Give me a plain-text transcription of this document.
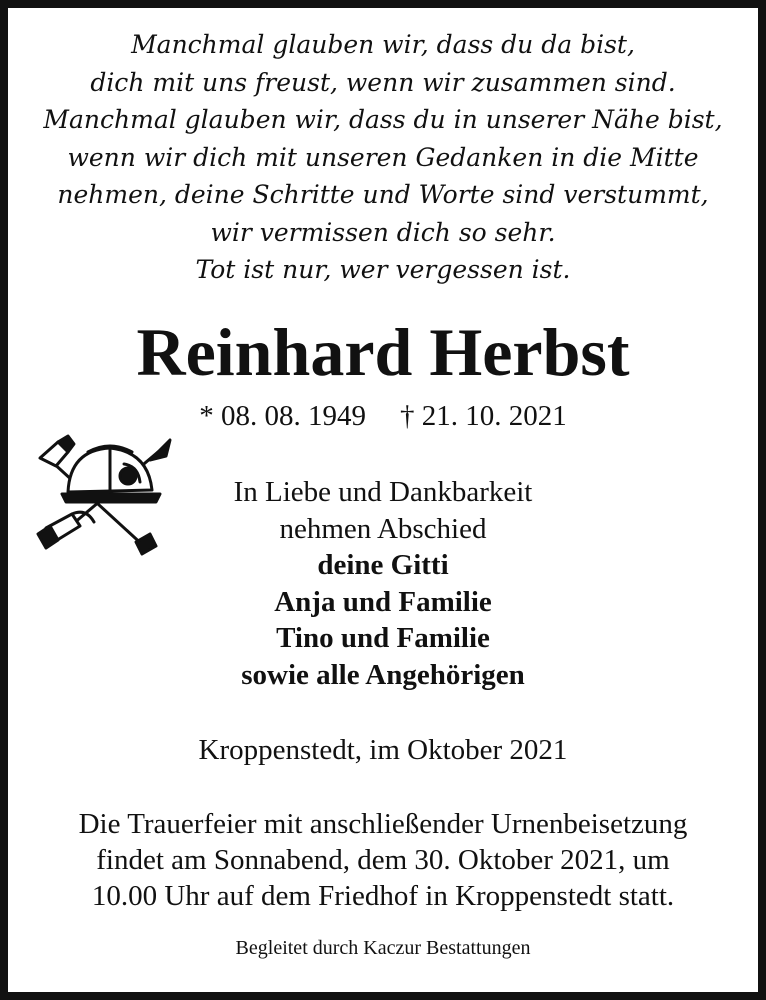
Manchmal glauben wir, dass du da bist,
dich mit uns freust, wenn wir zusammen sind.
Manchmal glauben wir, dass du in unserer Nähe bist,
wenn wir dich mit unseren Gedanken in die Mitte
nehmen, deine Schritte und Worte sind verstummt,
wir vermissen dich so sehr.
Tot ist nur, wer vergessen ist.
Reinhard Herbst
* 08. 08. 1949 † 21. 10. 2021
In Liebe und Dankbarkeit
nehmen Abschied
deine Gitti
Anja und Familie
Tino und Familie
sowie alle Angehörigen
Kroppenstedt, im Oktober 2021
Die Trauerfeier mit anschließender Urnenbeisetzung
findet am Sonnabend, dem 30. Oktober 2021, um
10.00 Uhr auf dem Friedhof in Kroppenstedt statt.
Begleitet durch Kaczur Bestattungen
